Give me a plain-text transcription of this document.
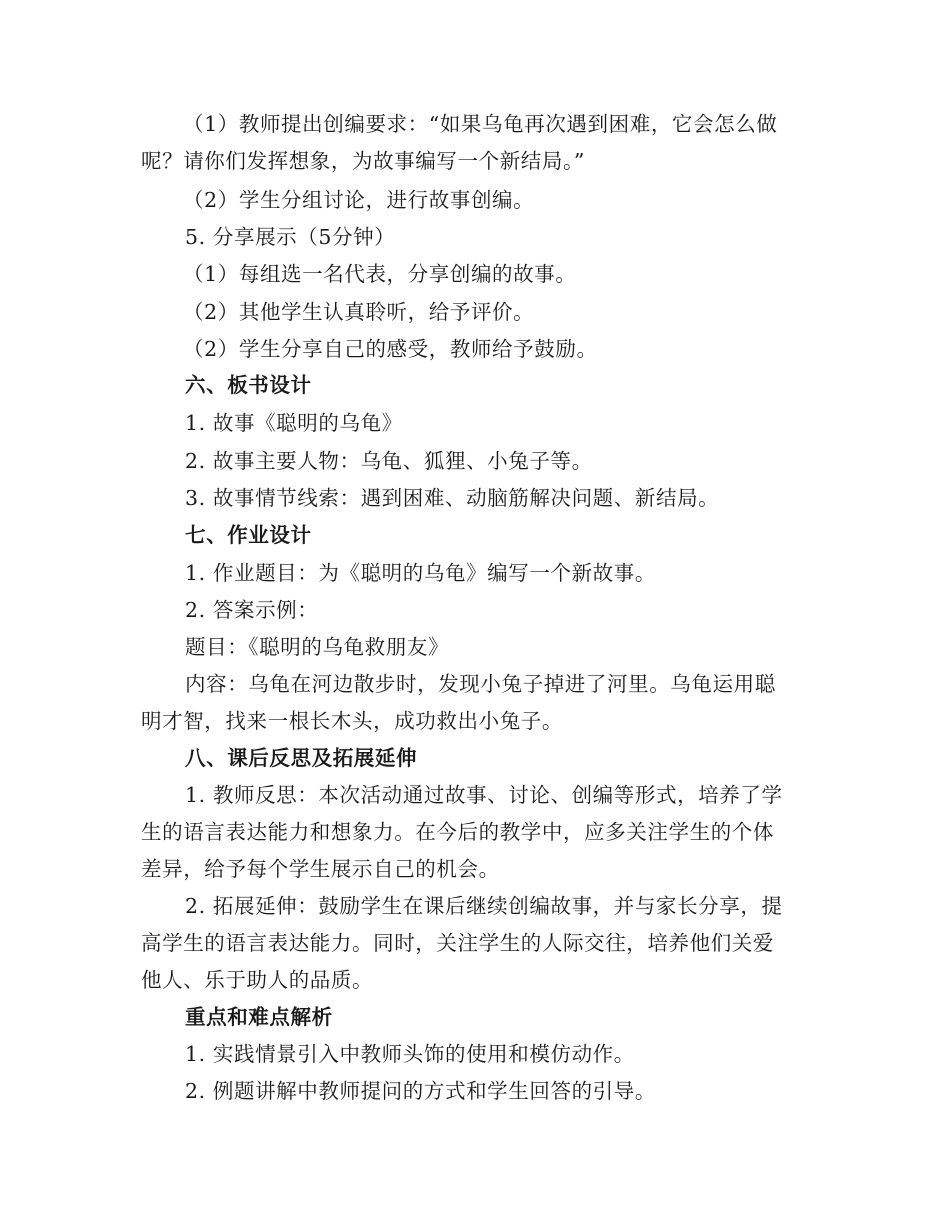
（1）教师提出创编要求：“如果乌龟再次遇到困难，它会怎么做
呢？请你们发挥想象，为故事编写一个新结局。”
（2）学生分组讨论，进行故事创编。
5. 分享展示（5分钟）
（1）每组选一名代表，分享创编的故事。
（2）其他学生认真聆听，给予评价。
（2）学生分享自己的感受，教师给予鼓励。
六、板书设计
1. 故事《聪明的乌龟》
2. 故事主要人物：乌龟、狐狸、小兔子等。
3. 故事情节线索：遇到困难、动脑筋解决问题、新结局。
七、作业设计
1. 作业题目：为《聪明的乌龟》编写一个新故事。
2. 答案示例：
题目：《聪明的乌龟救朋友》
内容：乌龟在河边散步时，发现小兔子掉进了河里。乌龟运用聪
明才智，找来一根长木头，成功救出小兔子。
八、课后反思及拓展延伸
1. 教师反思：本次活动通过故事、讨论、创编等形式，培养了学
生的语言表达能力和想象力。在今后的教学中，应多关注学生的个体
差异，给予每个学生展示自己的机会。
2. 拓展延伸：鼓励学生在课后继续创编故事，并与家长分享，提
高学生的语言表达能力。同时，关注学生的人际交往，培养他们关爱
他人、乐于助人的品质。
重点和难点解析
1. 实践情景引入中教师头饰的使用和模仿动作。
2. 例题讲解中教师提问的方式和学生回答的引导。
